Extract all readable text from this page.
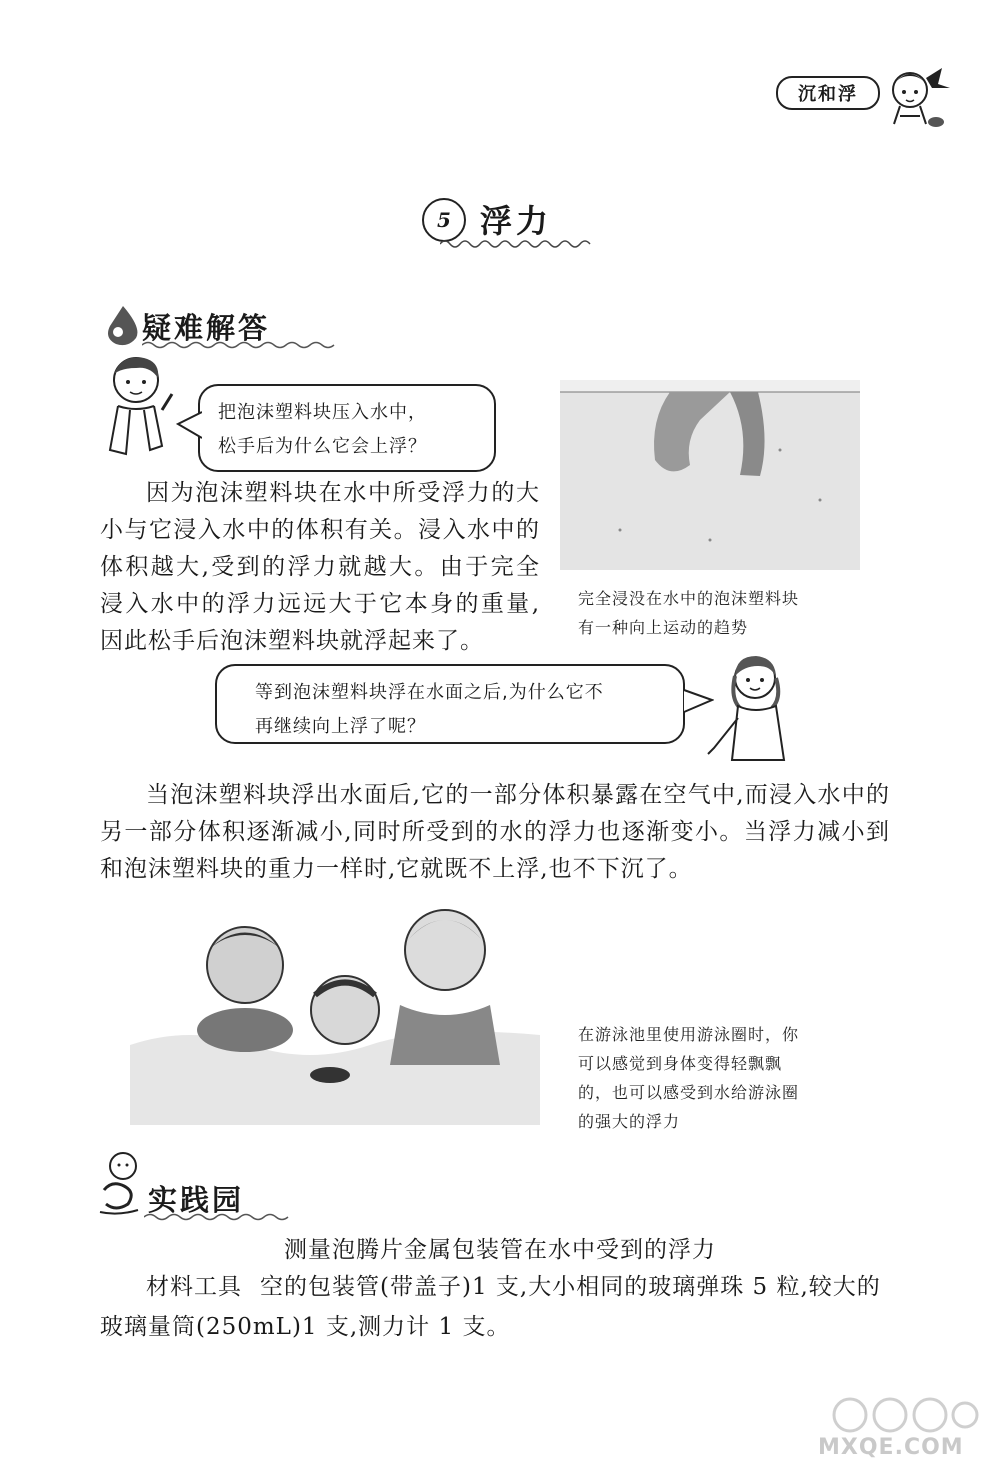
沉和浮
5 浮力
疑难解答
把泡沫塑料块压入水中，
松手后为什么它会上浮？
因为泡沫塑料块在水中所受浮力的大小与它浸入水中的体积有关。浸入水中的体积越大,受到的浮力就越大。由于完全浸入水中的浮力远远大于它本身的重量,因此松手后泡沫塑料块就浮起来了。
完全浸没在水中的泡沫塑料块
有一种向上运动的趋势
等到泡沫塑料块浮在水面之后,为什么它不
再继续向上浮了呢？
当泡沫塑料块浮出水面后,它的一部分体积暴露在空气中,而浸入水中的另一部分体积逐渐减小,同时所受到的水的浮力也逐渐变小。当浮力减小到和泡沫塑料块的重力一样时,它就既不上浮,也不下沉了。
在游泳池里使用游泳圈时，你
可以感觉到身体变得轻飘飘
的，也可以感受到水给游泳圈
的强大的浮力
实践园
测量泡腾片金属包装管在水中受到的浮力
材料工具 空的包装管(带盖子)1 支,大小相同的玻璃弹珠 5 粒,较大的玻璃量筒(250mL)1 支,测力计 1 支。
MXQE.COM
